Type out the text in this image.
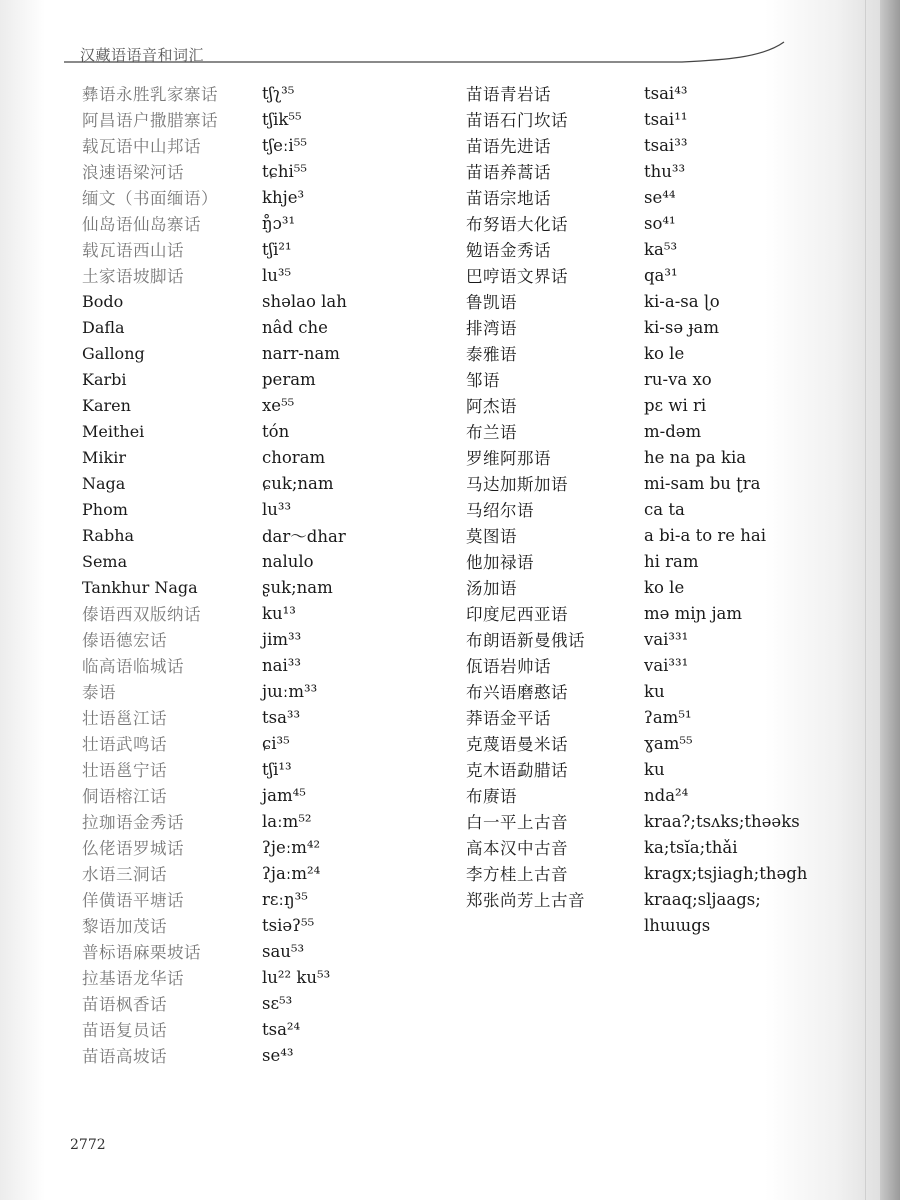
汉藏语语音和词汇
彝语永胜乳家寨话	tʃʅ³⁵
阿昌语户撒腊寨话	tʃik⁵⁵
载瓦语中山邦话	tʃeːi⁵⁵
浪速语梁河话	tɕhi⁵⁵
缅文（书面缅语）	khje³
仙岛语仙岛寨话	ŋ̊ɔ³¹
载瓦语西山话	tʃi²¹
土家语坡脚话	lu³⁵
Bodo	shəlao lah
Dafla	nâd che
Gallong	narr-nam
Karbi	peram
Karen	xe⁵⁵
Meithei	tón
Mikir	choram
Naga	ɕuk;nam
Phom	lu³³
Rabha	dar～dhar
Sema	nalulo
Tankhur Naga	ʂuk;nam
傣语西双版纳话	ku¹³
傣语德宏话	jim³³
临高语临城话	nai³³
泰语	jɯːm³³
壮语邕江话	tsa³³
壮语武鸣话	ɕi³⁵
壮语邕宁话	tʃi¹³
侗语榕江话	jam⁴⁵
拉珈语金秀话	laːm⁵²
仫佬语罗城话	ʔjeːm⁴²
水语三洞话	ʔjaːm²⁴
佯僙语平塘话	rɛːŋ³⁵
黎语加茂话	tsiəʔ⁵⁵
普标语麻栗坡话	sau⁵³
拉基语龙华话	lu²² ku⁵³
苗语枫香话	sɛ⁵³
苗语复员话	tsa²⁴
苗语高坡话	se⁴³
苗语青岩话	tsai⁴³
苗语石门坎话	tsai¹¹
苗语先进话	tsai³³
苗语养蒿话	thu³³
苗语宗地话	se⁴⁴
布努语大化话	so⁴¹
勉语金秀话	ka⁵³
巴哼语文界话	qa³¹
鲁凯语	ki-a-sa ɭo
排湾语	ki-sə ɟam
泰雅语	ko le
邹语	ru-va xo
阿杰语	pɛ wi ri
布兰语	m-dəm
罗维阿那语	he na pa kia
马达加斯加语	mi-sam bu ʈra
马绍尔语	ca ta
莫图语	a bi-a to re hai
他加禄语	hi ram
汤加语	ko le
印度尼西亚语	mə miɲ jam
布朗语新曼俄话	vai³³¹
佤语岩帅话	vai³³¹
布兴语磨憨话	ku
莽语金平话	ʔam⁵¹
克蔑语曼米话	ɣam⁵⁵
克木语勐腊话	ku
布赓语	nda²⁴
白一平上古音	kraa?;tsʌks;thəəks
高本汉中古音	ka;tsĭa;thǎi
李方桂上古音	kragx;tsjiagh;thəgh
郑张尚芳上古音	kraaq;sljaags;
lhɯɯgs
2772
